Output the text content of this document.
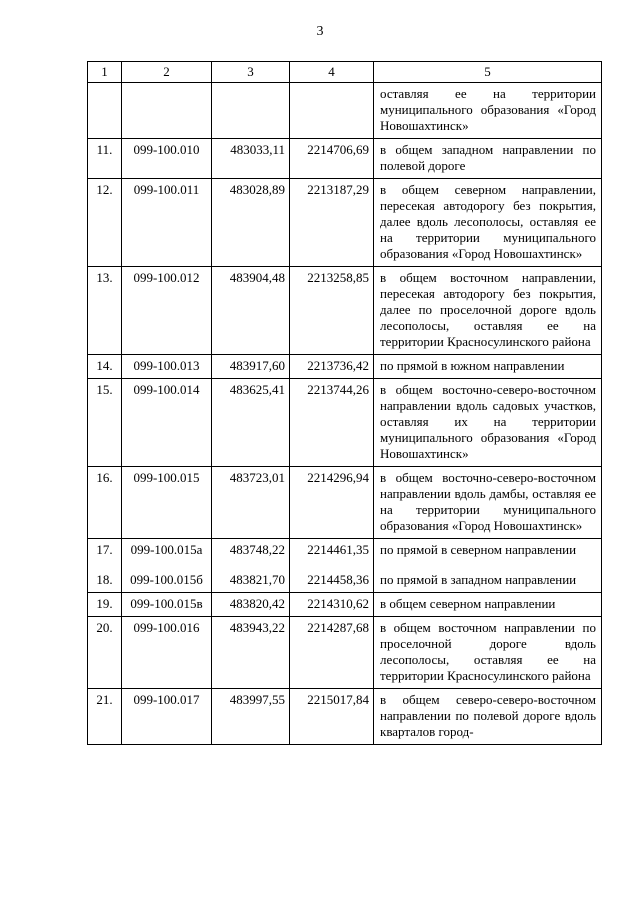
3
1	2	3	4	5
				оставляя ее на территории муниципального образования «Город Новошахтинск»
11.	099-100.010	483033,11	2214706,69	в общем западном направлении по полевой дороге
12.	099-100.011	483028,89	2213187,29	в общем северном направлении, пересекая автодорогу без покрытия, далее вдоль лесополосы, оставляя ее на территории муниципального образования «Город Новошахтинск»
13.	099-100.012	483904,48	2213258,85	в общем восточном направлении, пересекая автодорогу без покрытия, далее по проселочной дороге вдоль лесополосы, оставляя ее на территории Красносулинского района
14.	099-100.013	483917,60	2213736,42	по прямой в южном направлении
15.	099-100.014	483625,41	2213744,26	в общем восточно-северо-восточном направлении вдоль садовых участков, оставляя их на территории муниципального образования «Город Новошахтинск»
16.	099-100.015	483723,01	2214296,94	в общем восточно-северо-восточном направлении вдоль дамбы, оставляя ее на территории муниципального образования «Город Новошахтинск»
17.	099-100.015а	483748,22	2214461,35	по прямой в северном направлении
18.	099-100.015б	483821,70	2214458,36	по прямой в западном направлении
19.	099-100.015в	483820,42	2214310,62	в общем северном направлении
20.	099-100.016	483943,22	2214287,68	в общем восточном направлении по проселочной дороге вдоль лесополосы, оставляя ее на территории Красносулинского района
21.	099-100.017	483997,55	2215017,84	в общем северо-северо-восточном направлении по полевой дороге вдоль кварталов город-
